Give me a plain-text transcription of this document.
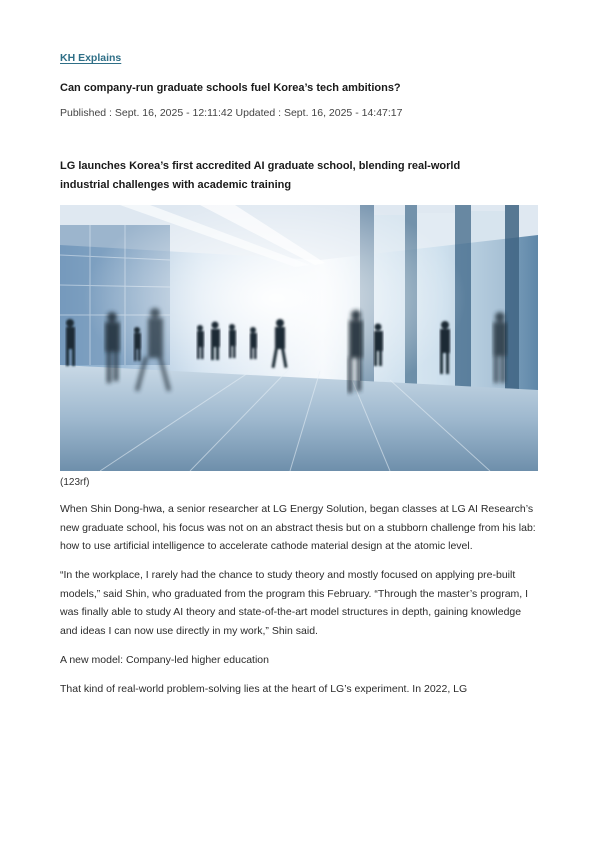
KH Explains
Can company-run graduate schools fuel Korea’s tech ambitions?
Published : Sept. 16, 2025 - 12:11:42 Updated : Sept. 16, 2025 - 14:47:17
LG launches Korea’s first accredited AI graduate school, blending real-world industrial challenges with academic training
(123rf)

When Shin Dong-hwa, a senior researcher at LG Energy Solution, began classes at LG AI Research’s new graduate school, his focus was not on an abstract thesis but on a stubborn challenge from his lab: how to use artificial intelligence to accelerate cathode material design at the atomic level.

“In the workplace, I rarely had the chance to study theory and mostly focused on applying pre-built models,” said Shin, who graduated from the program this February. “Through the master’s program, I was finally able to study AI theory and state-of-the-art model structures in depth, gaining knowledge and ideas I can now use directly in my work,” Shin said.

A new model: Company-led higher education

That kind of real-world problem-solving lies at the heart of LG’s experiment. In 2022, LG
